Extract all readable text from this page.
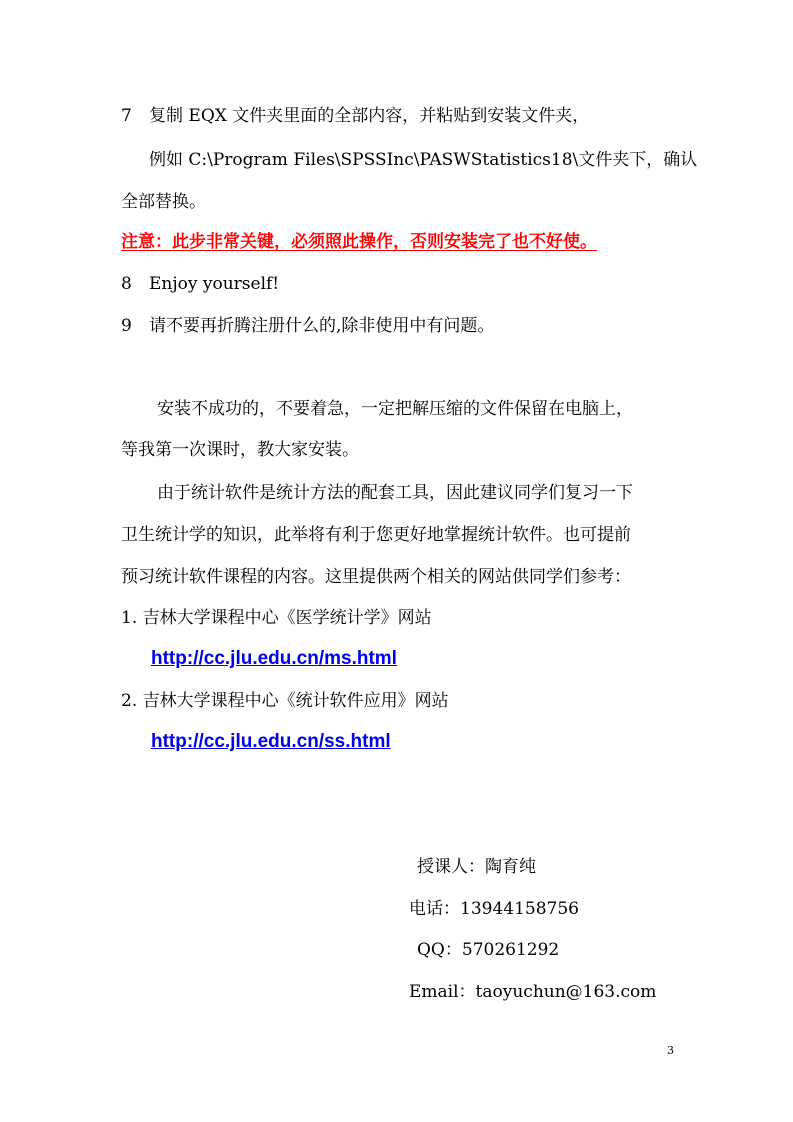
7 复制 EQX 文件夹里面的全部内容，并粘贴到安装文件夹，
例如 C:\Program Files\SPSSInc\PASWStatistics18\文件夹下，确认
全部替换。
注意：此步非常关键，必须照此操作，否则安装完了也不好使。
8 Enjoy yourself!
9 请不要再折腾注册什么的,除非使用中有问题。
安装不成功的，不要着急，一定把解压缩的文件保留在电脑上，
等我第一次课时，教大家安装。
由于统计软件是统计方法的配套工具，因此建议同学们复习一下
卫生统计学的知识，此举将有利于您更好地掌握统计软件。也可提前
预习统计软件课程的内容。这里提供两个相关的网站供同学们参考：
1. 吉林大学课程中心《医学统计学》网站
http://cc.jlu.edu.cn/ms.html
2. 吉林大学课程中心《统计软件应用》网站
http://cc.jlu.edu.cn/ss.html
授课人：陶育纯
电话：13944158756
QQ：570261292
Email：taoyuchun@163.com
3
